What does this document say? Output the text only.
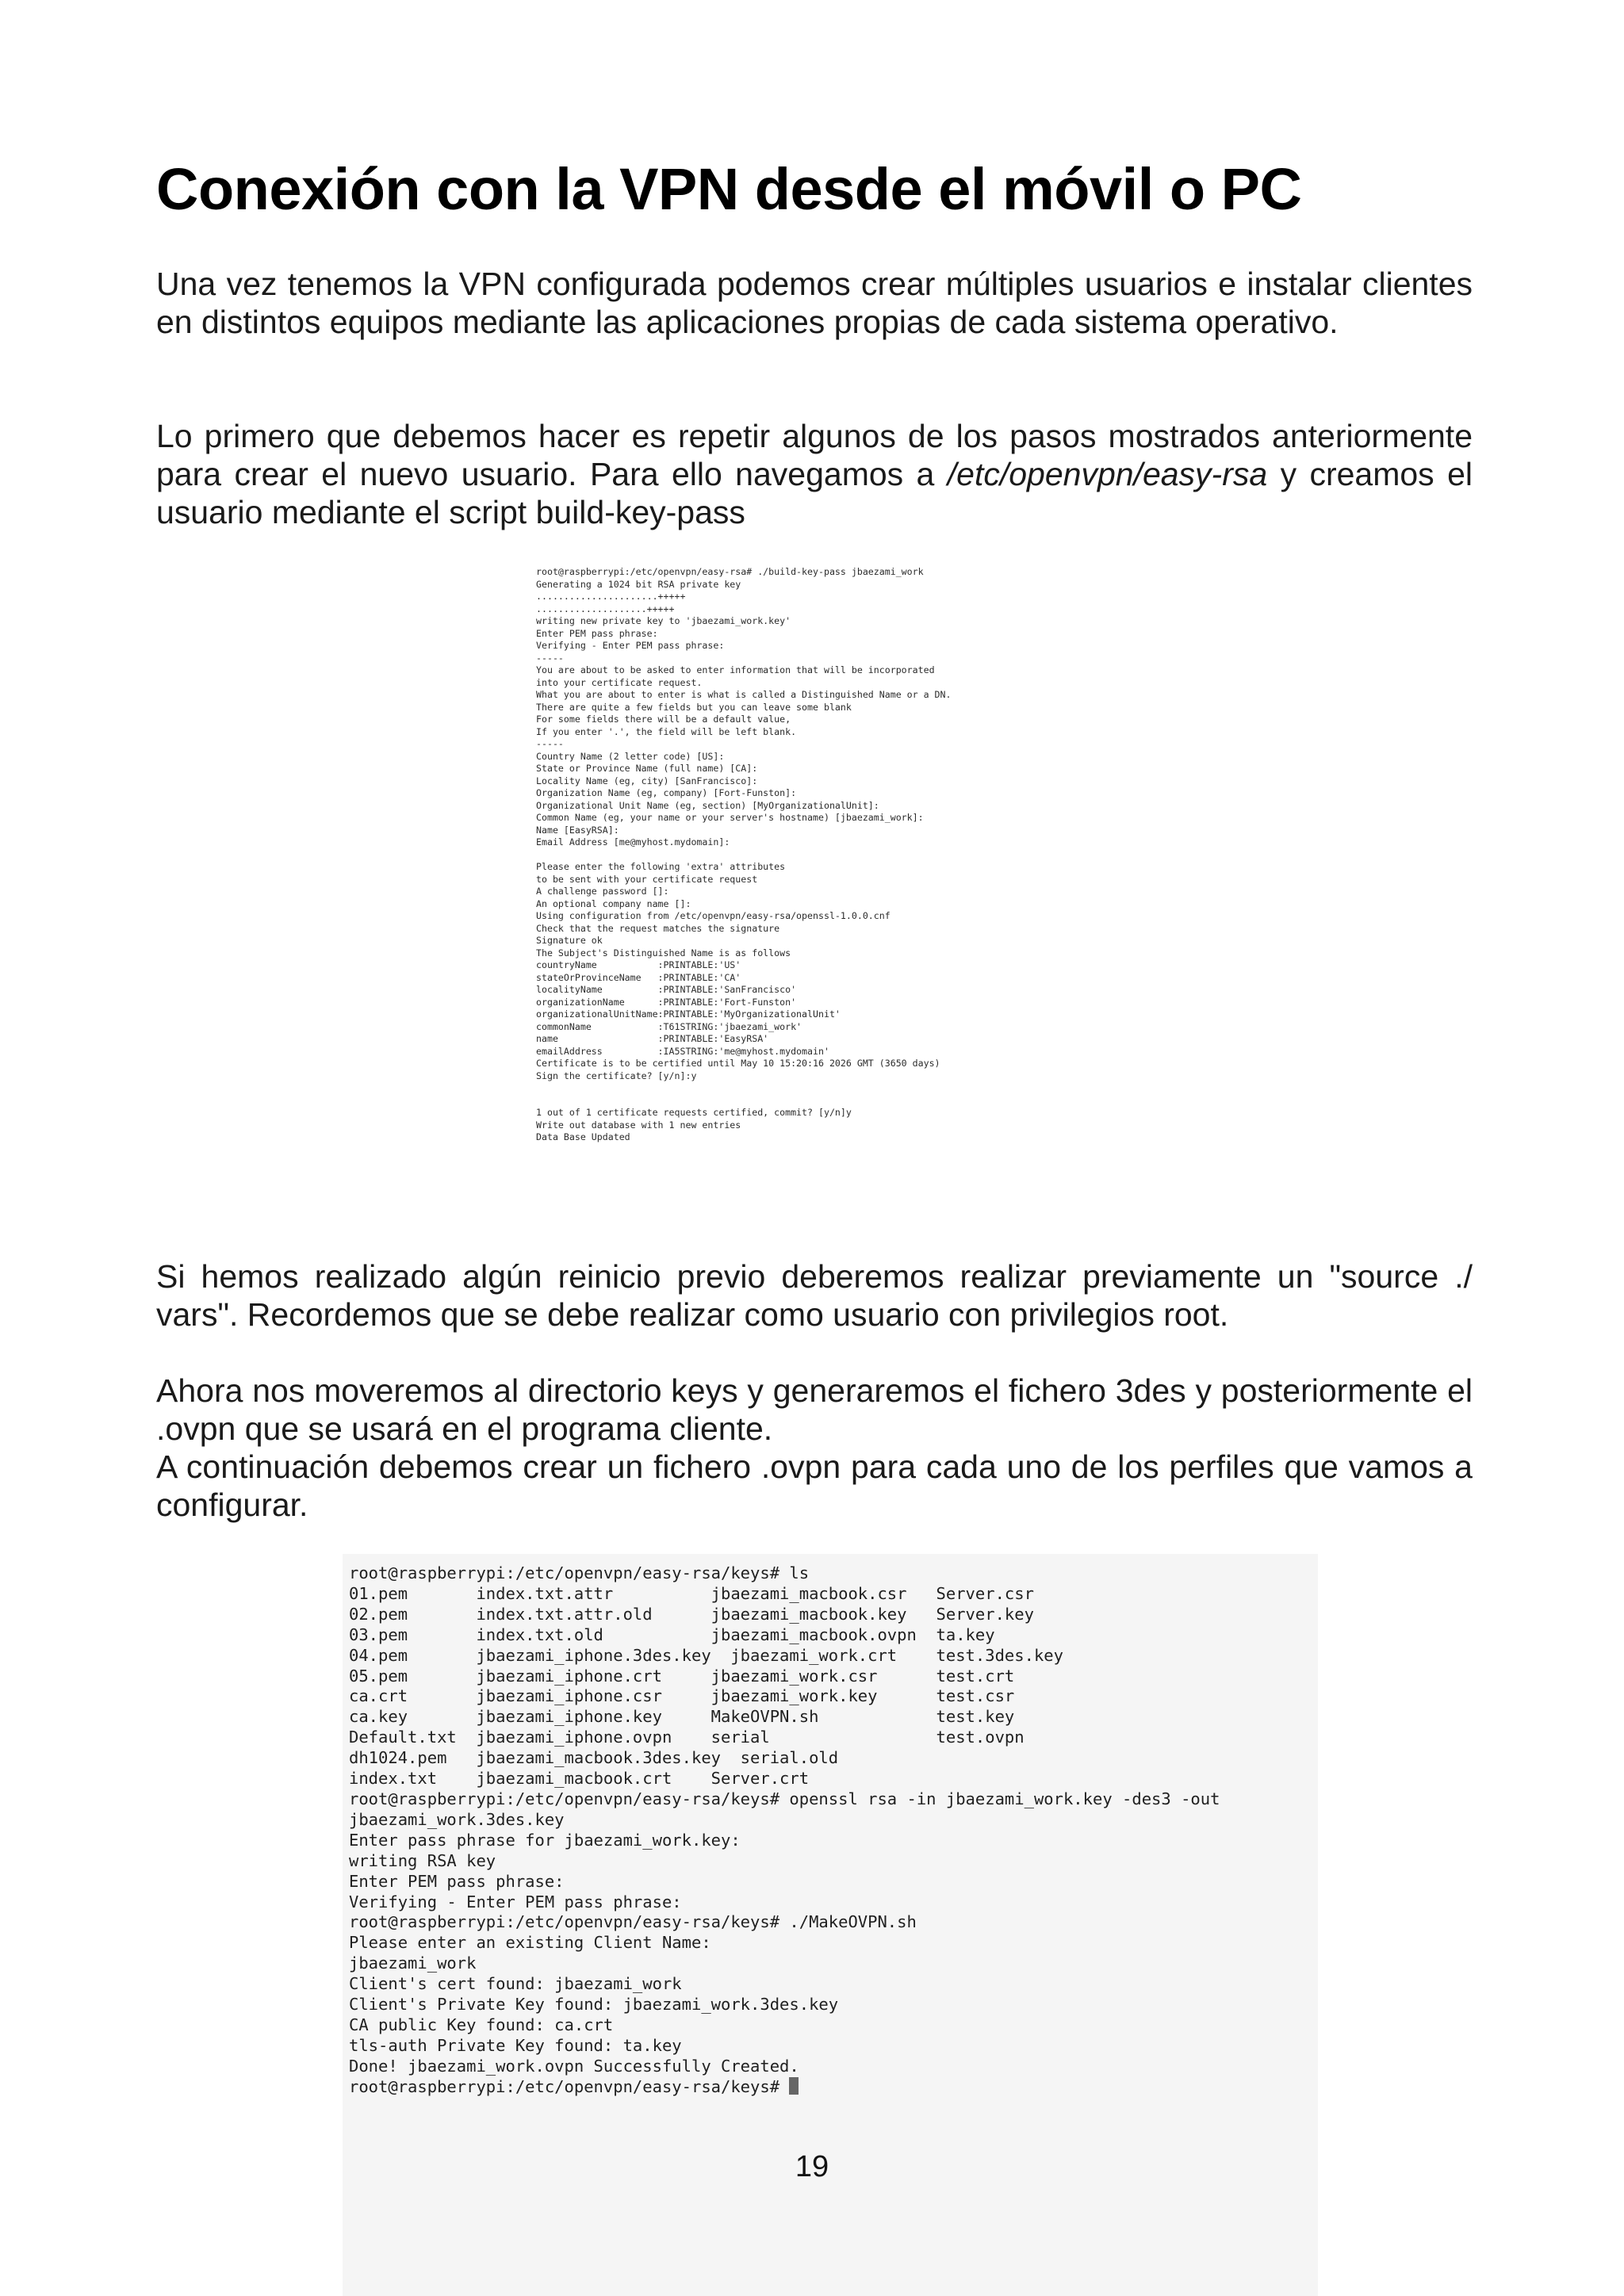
Conexión con la VPN desde el móvil o PC

Una vez tenemos la VPN configurada podemos crear múltiples usuarios e instalar clientes en distintos equipos mediante las aplicaciones propias de cada sistema operativo.

Lo primero que debemos hacer es repetir algunos de los pasos mostrados anteriormente para crear el nuevo usuario. Para ello navegamos a /etc/openvpn/easy-rsa y creamos el usuario mediante el script build-key-pass

root@raspberrypi:/etc/openvpn/easy-rsa# ./build-key-pass jbaezami_work
Generating a 1024 bit RSA private key
......................+++++
....................+++++
writing new private key to 'jbaezami_work.key'
Enter PEM pass phrase:
Verifying - Enter PEM pass phrase:
-----
You are about to be asked to enter information that will be incorporated
into your certificate request.
What you are about to enter is what is called a Distinguished Name or a DN.
There are quite a few fields but you can leave some blank
For some fields there will be a default value,
If you enter '.', the field will be left blank.
-----
Country Name (2 letter code) [US]:
State or Province Name (full name) [CA]:
Locality Name (eg, city) [SanFrancisco]:
Organization Name (eg, company) [Fort-Funston]:
Organizational Unit Name (eg, section) [MyOrganizationalUnit]:
Common Name (eg, your name or your server's hostname) [jbaezami_work]:
Name [EasyRSA]:
Email Address [me@myhost.mydomain]:

Please enter the following 'extra' attributes
to be sent with your certificate request
A challenge password []:
An optional company name []:
Using configuration from /etc/openvpn/easy-rsa/openssl-1.0.0.cnf
Check that the request matches the signature
Signature ok
The Subject's Distinguished Name is as follows
countryName           :PRINTABLE:'US'
stateOrProvinceName   :PRINTABLE:'CA'
localityName          :PRINTABLE:'SanFrancisco'
organizationName      :PRINTABLE:'Fort-Funston'
organizationalUnitName:PRINTABLE:'MyOrganizationalUnit'
commonName            :T61STRING:'jbaezami_work'
name                  :PRINTABLE:'EasyRSA'
emailAddress          :IA5STRING:'me@myhost.mydomain'
Certificate is to be certified until May 10 15:20:16 2026 GMT (3650 days)
Sign the certificate? [y/n]:y

1 out of 1 certificate requests certified, commit? [y/n]y
Write out database with 1 new entries
Data Base Updated

Si hemos realizado algún reinicio previo deberemos realizar previamente un "source ./ vars". Recordemos que se debe realizar como usuario con privilegios root.

Ahora nos moveremos al directorio keys y generaremos el fichero 3des y posteriormente el .ovpn que se usará en el programa cliente.
A continuación debemos crear un fichero .ovpn para cada uno de los perfiles que vamos a configurar.

root@raspberrypi:/etc/openvpn/easy-rsa/keys# ls
01.pem       index.txt.attr          jbaezami_macbook.csr   Server.csr
02.pem       index.txt.attr.old      jbaezami_macbook.key   Server.key
03.pem       index.txt.old           jbaezami_macbook.ovpn  ta.key
04.pem       jbaezami_iphone.3des.key  jbaezami_work.crt    test.3des.key
05.pem       jbaezami_iphone.crt     jbaezami_work.csr      test.crt
ca.crt       jbaezami_iphone.csr     jbaezami_work.key      test.csr
ca.key       jbaezami_iphone.key     MakeOVPN.sh            test.key
Default.txt  jbaezami_iphone.ovpn    serial                 test.ovpn
dh1024.pem   jbaezami_macbook.3des.key  serial.old
index.txt    jbaezami_macbook.crt    Server.crt
root@raspberrypi:/etc/openvpn/easy-rsa/keys# openssl rsa -in jbaezami_work.key -des3 -out
jbaezami_work.3des.key
Enter pass phrase for jbaezami_work.key:
writing RSA key
Enter PEM pass phrase:
Verifying - Enter PEM pass phrase:
root@raspberrypi:/etc/openvpn/easy-rsa/keys# ./MakeOVPN.sh
Please enter an existing Client Name:
jbaezami_work
Client's cert found: jbaezami_work
Client's Private Key found: jbaezami_work.3des.key
CA public Key found: ca.crt
tls-auth Private Key found: ta.key
Done! jbaezami_work.ovpn Successfully Created.
root@raspberrypi:/etc/openvpn/easy-rsa/keys#
19
